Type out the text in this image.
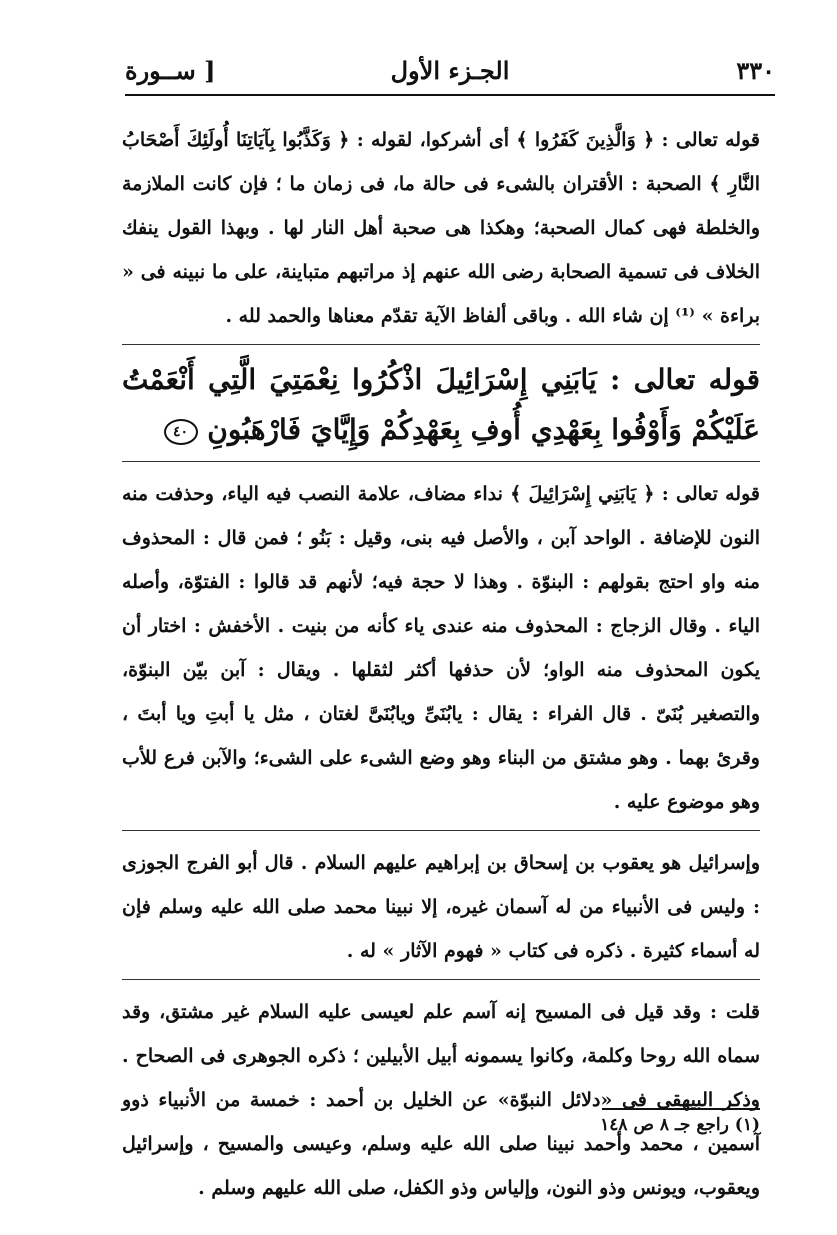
٣٣٠
الجـزء الأول
[ ســورة

قوله تعالى : ﴿ وَالَّذِينَ كَفَرُوا ﴾ أى أشركوا، لقوله : ﴿ وَكَذَّبُوا بِآيَاتِنَا أُولَئِكَ أَصْحَابُ النَّارِ ﴾ الصحبة : الأقتران بالشىء فى حالة ما، فى زمان ما ؛ فإن كانت الملازمة والخلطة فهى كمال الصحبة؛ وهكذا هى صحبة أهل النار لها . وبهذا القول ينفك الخلاف فى تسمية الصحابة رضى الله عنهم إذ مراتبهم متباينة، على ما نبينه فى « براءة » ⁽¹⁾ إن شاء الله . وباقى ألفاظ الآية تقدّم معناها والحمد لله .

قوله تعالى : يَابَنِي إِسْرَائِيلَ اذْكُرُوا نِعْمَتِيَ الَّتِي أَنْعَمْتُ عَلَيْكُمْ وَأَوْفُوا بِعَهْدِي أُوفِ بِعَهْدِكُمْ وَإِيَّايَ فَارْهَبُونِ ٤٠

قوله تعالى : ﴿ يَابَنِي إِسْرَائِيلَ ﴾ نداء مضاف، علامة النصب فيه الياء، وحذفت منه النون للإضافة . الواحد آبن ، والأصل فيه بنى، وقيل : بَنُو ؛ فمن قال : المحذوف منه واو احتج بقولهم : البنوّة . وهذا لا حجة فيه؛ لأنهم قد قالوا : الفتوّة، وأصله الياء . وقال الزجاج : المحذوف منه عندى ياء كأنه من بنيت . الأخفش : اختار أن يكون المحذوف منه الواو؛ لأن حذفها أكثر لثقلها . ويقال : آبن بيّن البنوّة، والتصغير بُنَىّ . قال الفراء : يقال : يابُنَىِّ ويابُنَىَّ لغتان ، مثل يا أبتِ ويا أبتَ ، وقرئ بهما . وهو مشتق من البناء وهو وضع الشىء على الشىء؛ والآبن فرع للأب وهو موضوع عليه .

وإسرائيل هو يعقوب بن إسحاق بن إبراهيم عليهم السلام . قال أبو الفرج الجوزى : وليس فى الأنبياء من له آسمان غيره، إلا نبينا محمد صلى الله عليه وسلم فإن له أسماء كثيرة . ذكره فى كتاب « فهوم الآثار » له .

قلت : وقد قيل فى المسيح إنه آسم علم لعيسى عليه السلام غير مشتق، وقد سماه الله روحا وكلمة، وكانوا يسمونه أبيل الأبيلين ؛ ذكره الجوهرى فى الصحاح . وذكر البيهقى فى «دلائل النبوّة» عن الخليل بن أحمد : خمسة من الأنبياء ذوو آسمين ، محمد وأحمد نبينا صلى الله عليه وسلم، وعيسى والمسيح ، وإسرائيل ويعقوب، ويونس وذو النون، وإلياس وذو الكفل، صلى الله عليهم وسلم .

(١) راجع جـ ٨ ص ١٤٨
